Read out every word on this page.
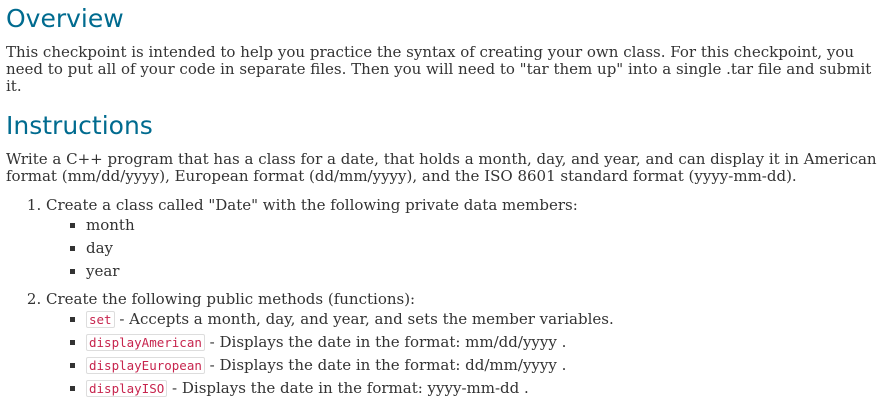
Overview

This checkpoint is intended to help you practice the syntax of creating your own class. For this checkpoint, you need to put all of your code in separate files. Then you will need to "tar them up" into a single .tar file and submit it.

Instructions

Write a C++ program that has a class for a date, that holds a month, day, and year, and can display it in American format (mm/dd/yyyy), European format (dd/mm/yyyy), and the ISO 8601 standard format (yyyy-mm-dd).

1. Create a class called "Date" with the following private data members:
▪ month
▪ day
▪ year
2. Create the following public methods (functions):
▪ set - Accepts a month, day, and year, and sets the member variables.
▪ displayAmerican - Displays the date in the format: mm/dd/yyyy .
▪ displayEuropean - Displays the date in the format: dd/mm/yyyy .
▪ displayISO - Displays the date in the format: yyyy-mm-dd .
